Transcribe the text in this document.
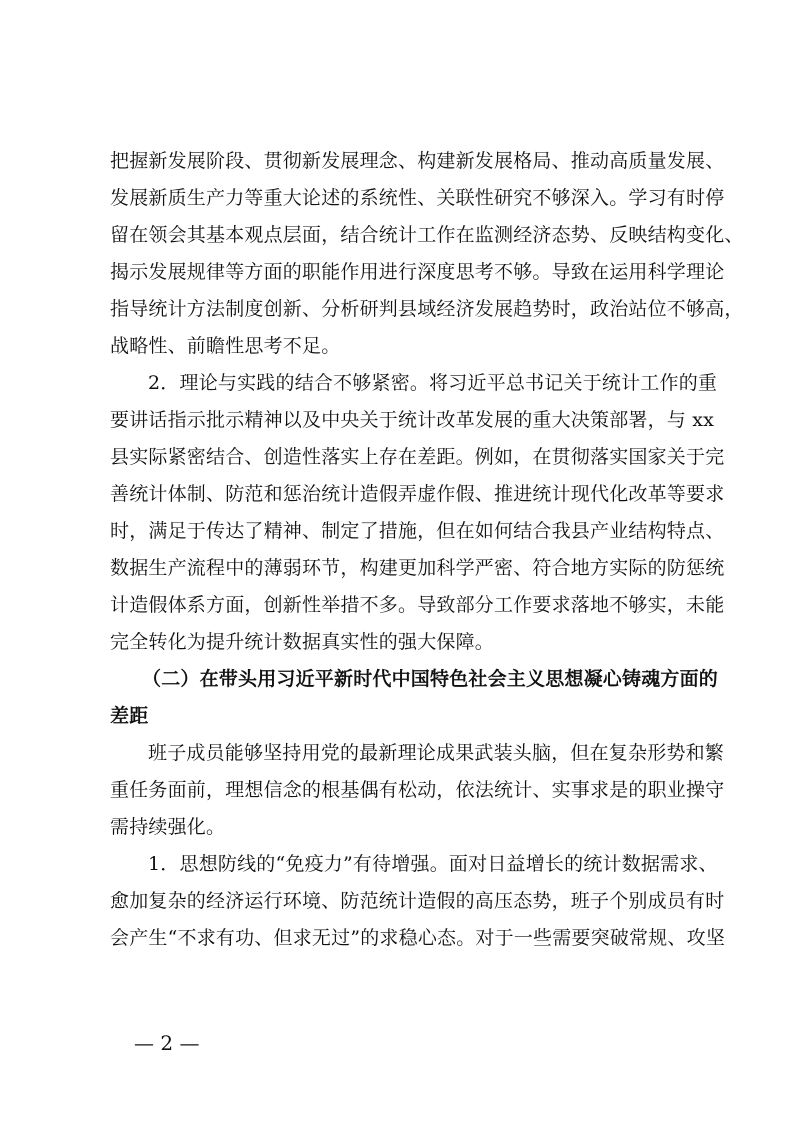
把握新发展阶段、贯彻新发展理念、构建新发展格局、推动高质量发展、
发展新质生产力等重大论述的系统性、关联性研究不够深入。学习有时停
留在领会其基本观点层面，结合统计工作在监测经济态势、反映结构变化、
揭示发展规律等方面的职能作用进行深度思考不够。导致在运用科学理论
指导统计方法制度创新、分析研判县域经济发展趋势时，政治站位不够高，
战略性、前瞻性思考不足。
2．理论与实践的结合不够紧密。将习近平总书记关于统计工作的重
要讲话指示批示精神以及中央关于统计改革发展的重大决策部署，与 xx
县实际紧密结合、创造性落实上存在差距。例如，在贯彻落实国家关于完
善统计体制、防范和惩治统计造假弄虚作假、推进统计现代化改革等要求
时，满足于传达了精神、制定了措施，但在如何结合我县产业结构特点、
数据生产流程中的薄弱环节，构建更加科学严密、符合地方实际的防惩统
计造假体系方面，创新性举措不多。导致部分工作要求落地不够实，未能
完全转化为提升统计数据真实性的强大保障。
（二）在带头用习近平新时代中国特色社会主义思想凝心铸魂方面的
差距
班子成员能够坚持用党的最新理论成果武装头脑，但在复杂形势和繁
重任务面前，理想信念的根基偶有松动，依法统计、实事求是的职业操守
需持续强化。
1．思想防线的“免疫力”有待增强。面对日益增长的统计数据需求、
愈加复杂的经济运行环境、防范统计造假的高压态势，班子个别成员有时
会产生“不求有功、但求无过”的求稳心态。对于一些需要突破常规、攻坚
— 2 —
